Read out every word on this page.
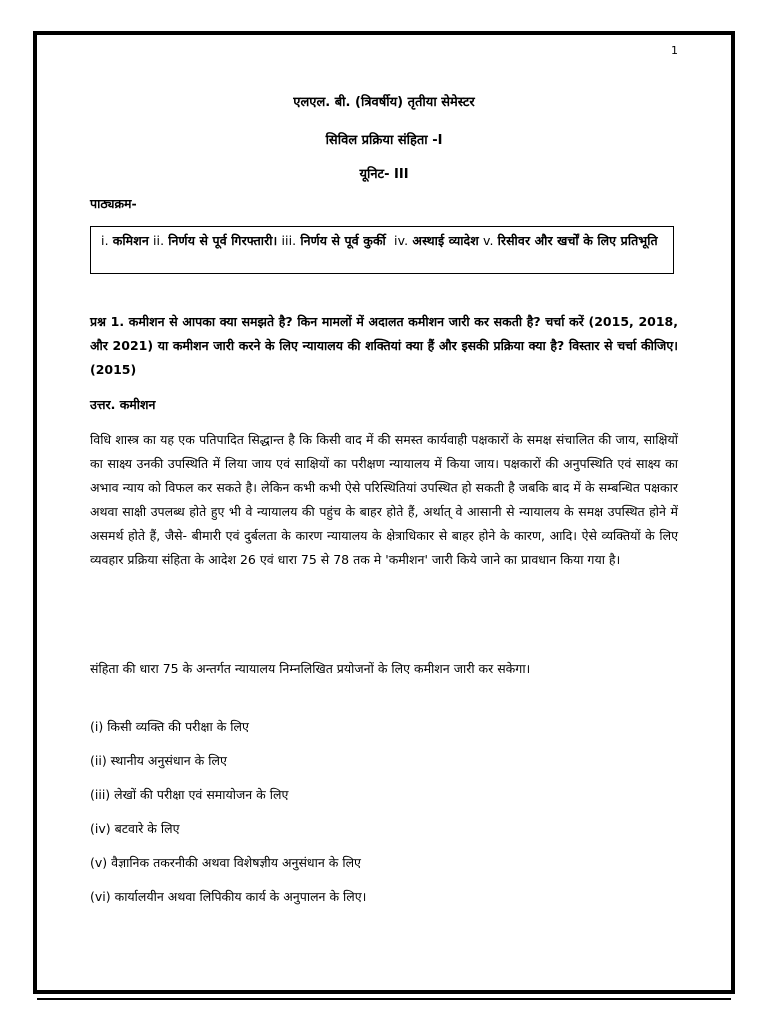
1
एलएल. बी. (त्रिवर्षीय) तृतीया सेमेस्टर
सिविल प्रक्रिया संहिता -I
यूनिट- III
पाठ्यक्रम-
i. कमिशन ii. निर्णय से पूर्व गिरफ्तारी। iii. निर्णय से पूर्व कुर्की iv. अस्थाई व्यादेश v. रिसीवर और खर्चों के लिए प्रतिभूति
प्रश्न 1. कमीशन से आपका क्या समझते है? किन मामलों में अदालत कमीशन जारी कर सकती है? चर्चा करें (2015, 2018, और 2021) या कमीशन जारी करने के लिए न्यायालय की शक्तियां क्या हैं और इसकी प्रक्रिया क्या है? विस्तार से चर्चा कीजिए। (2015)
उत्तर. कमीशन
विधि शास्त्र का यह एक पतिपादित सिद्धान्त है कि किसी वाद में की समस्त कार्यवाही पक्षकारों के समक्ष संचालित की जाय, साक्षियों का साक्ष्य उनकी उपस्थिति में लिया जाय एवं साक्षियों का परीक्षण न्यायालय में किया जाय। पक्षकारों की अनुपस्थिति एवं साक्ष्य का अभाव न्याय को विफल कर सकते है। लेकिन कभी कभी ऐसे परिस्थितियां उपस्थित हो सकती है जबकि बाद में के सम्बन्धित पक्षकार अथवा साक्षी उपलब्ध होते हुए भी वे न्यायालय की पहुंच के बाहर होते हैं, अर्थात् वे आसानी से न्यायालय के समक्ष उपस्थित होने में असमर्थ होते हैं, जैसे- बीमारी एवं दुर्बलता के कारण न्यायालय के क्षेत्राधिकार से बाहर होने के कारण, आदि। ऐसे व्यक्तियों के लिए व्यवहार प्रक्रिया संहिता के आदेश 26 एवं धारा 75 से 78 तक मे 'कमीशन' जारी किये जाने का प्रावधान किया गया है।
संहिता की धारा 75 के अन्तर्गत न्यायालय निम्नलिखित प्रयोजनों के लिए कमीशन जारी कर सकेगा।
(i) किसी व्यक्ति की परीक्षा के लिए
(ii) स्थानीय अनुसंधान के लिए
(iii) लेखों की परीक्षा एवं समायोजन के लिए
(iv) बटवारे के लिए
(v) वैज्ञानिक तकरनीकी अथवा विशेषज्ञीय अनुसंधान के लिए
(vi) कार्यालयीन अथवा लिपिकीय कार्य के अनुपालन के लिए।
